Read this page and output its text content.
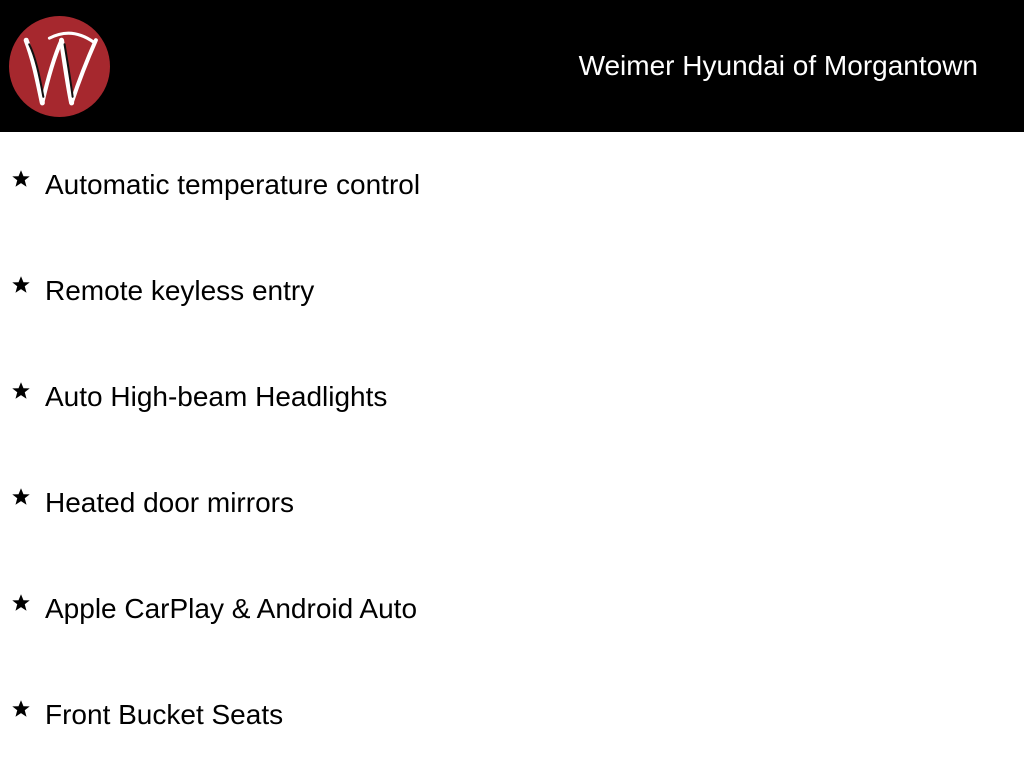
Weimer Hyundai of Morgantown
Automatic temperature control
Remote keyless entry
Auto High-beam Headlights
Heated door mirrors
Apple CarPlay & Android Auto
Front Bucket Seats
